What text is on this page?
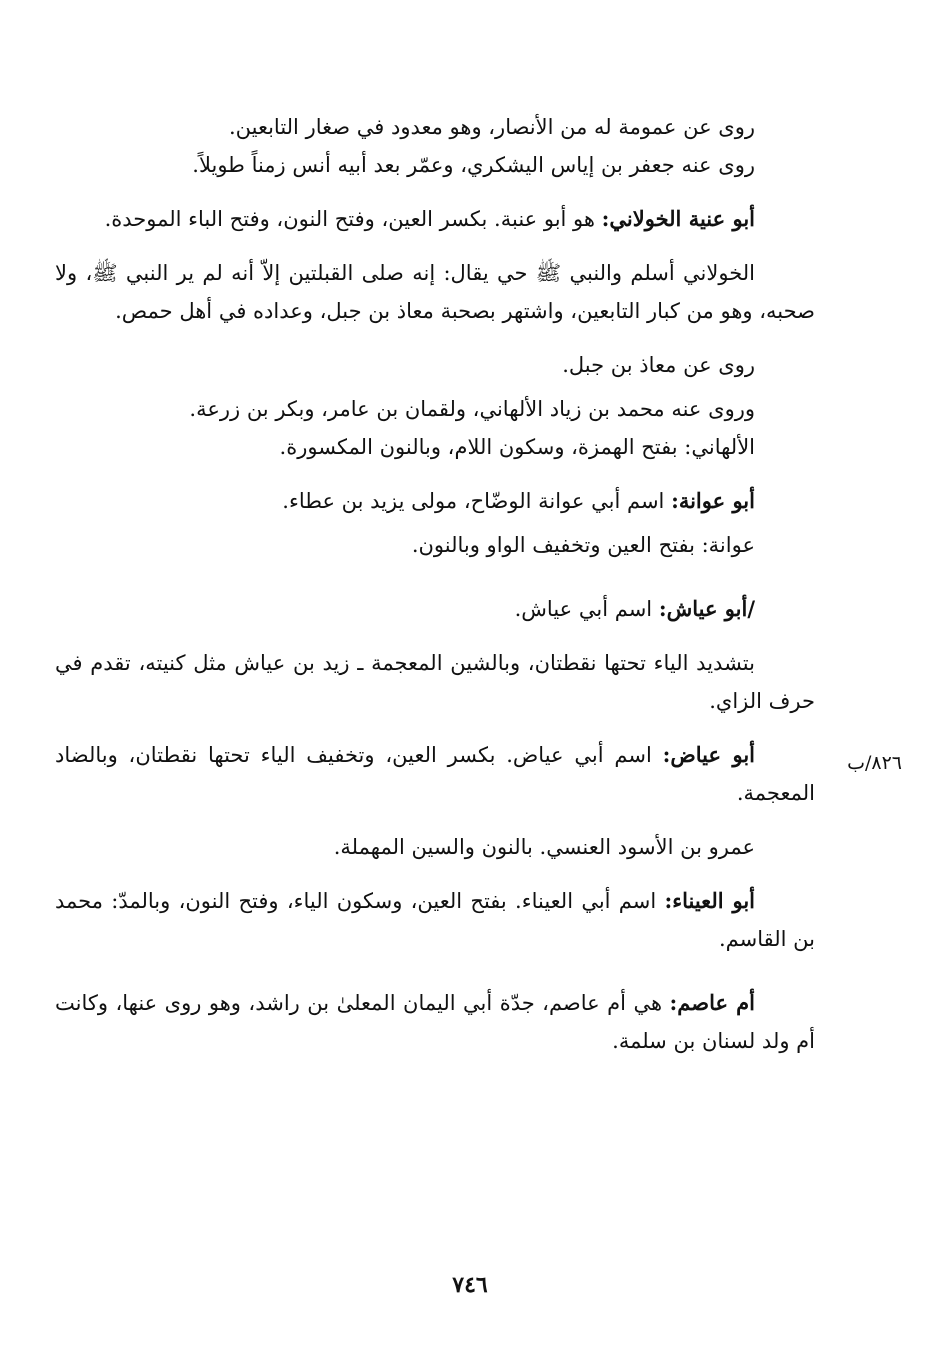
روى عن عمومة له من الأنصار، وهو معدود في صغار التابعين.

روى عنه جعفر بن إياس اليشكري، وعمّر بعد أبيه أنس زمناً طويلاً.

أبو عنية الخولاني: هو أبو عنبة. بكسر العين، وفتح النون، وفتح الباء الموحدة.

الخولاني أسلم والنبي ﷺ حي يقال: إنه صلى القبلتين إلاّ أنه لم ير النبي ﷺ، ولا صحبه، وهو من كبار التابعين، واشتهر بصحبة معاذ بن جبل، وعداده في أهل حمص.

روى عن معاذ بن جبل.

وروى عنه محمد بن زياد الألهاني، ولقمان بن عامر، وبكر بن زرعة.

الألهاني: بفتح الهمزة، وسكون اللام، وبالنون المكسورة.

أبو عوانة: اسم أبي عوانة الوضّاح، مولى يزيد بن عطاء.

عوانة: بفتح العين وتخفيف الواو وبالنون.

/أبو عياش: اسم أبي عياش.

بتشديد الياء تحتها نقطتان، وبالشين المعجمة ـ زيد بن عياش مثل كنيته، تقدم في حرف الزاي.

أبو عياض: اسم أبي عياض. بكسر العين، وتخفيف الياء تحتها نقطتان، وبالضاد المعجمة.

عمرو بن الأسود العنسي. بالنون والسين المهملة.

أبو العيناء: اسم أبي العيناء. بفتح العين، وسكون الياء، وفتح النون، وبالمدّ: محمد بن القاسم.

أم عاصم: هي أم عاصم، جدّة أبي اليمان المعلىٰ بن راشد، وهو روى عنها، وكانت أم ولد لسنان بن سلمة.

٨٢٦/ب
٧٤٦
